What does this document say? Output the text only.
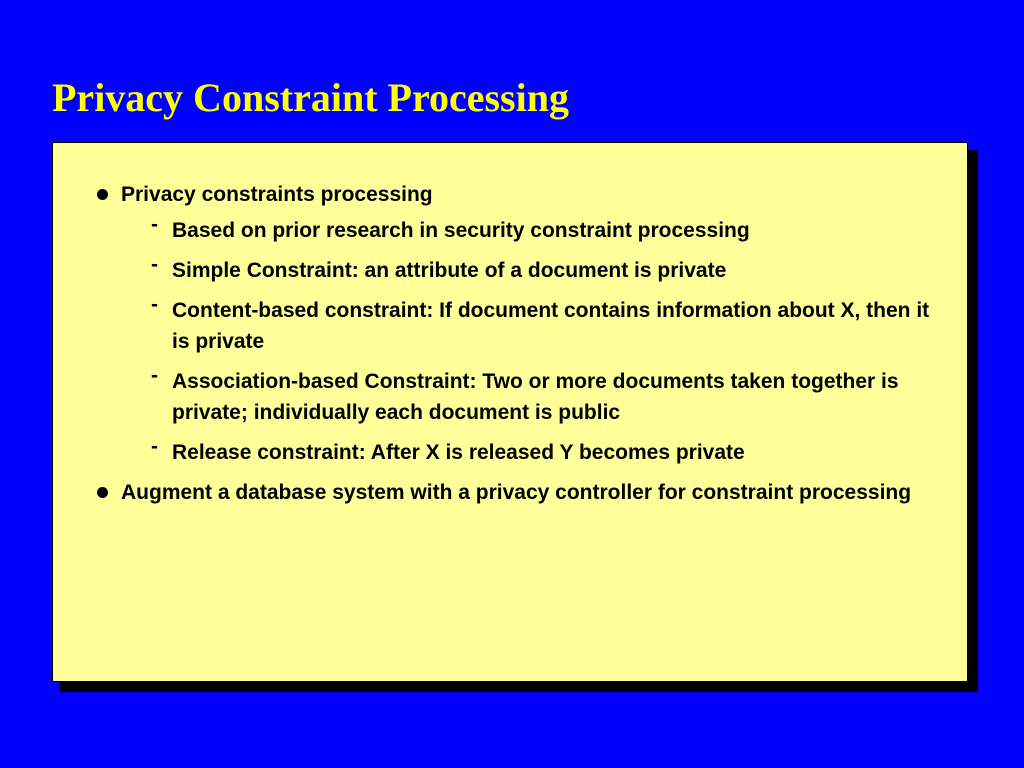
Privacy Constraint Processing
Privacy constraints processing
- Based on prior research in security constraint processing
- Simple Constraint: an attribute of a document is private
- Content-based constraint: If document contains information about X, then it is private
- Association-based Constraint: Two or more documents taken together is private; individually each document is public
- Release constraint: After X is released Y becomes private
Augment a database system with a privacy controller for constraint processing
